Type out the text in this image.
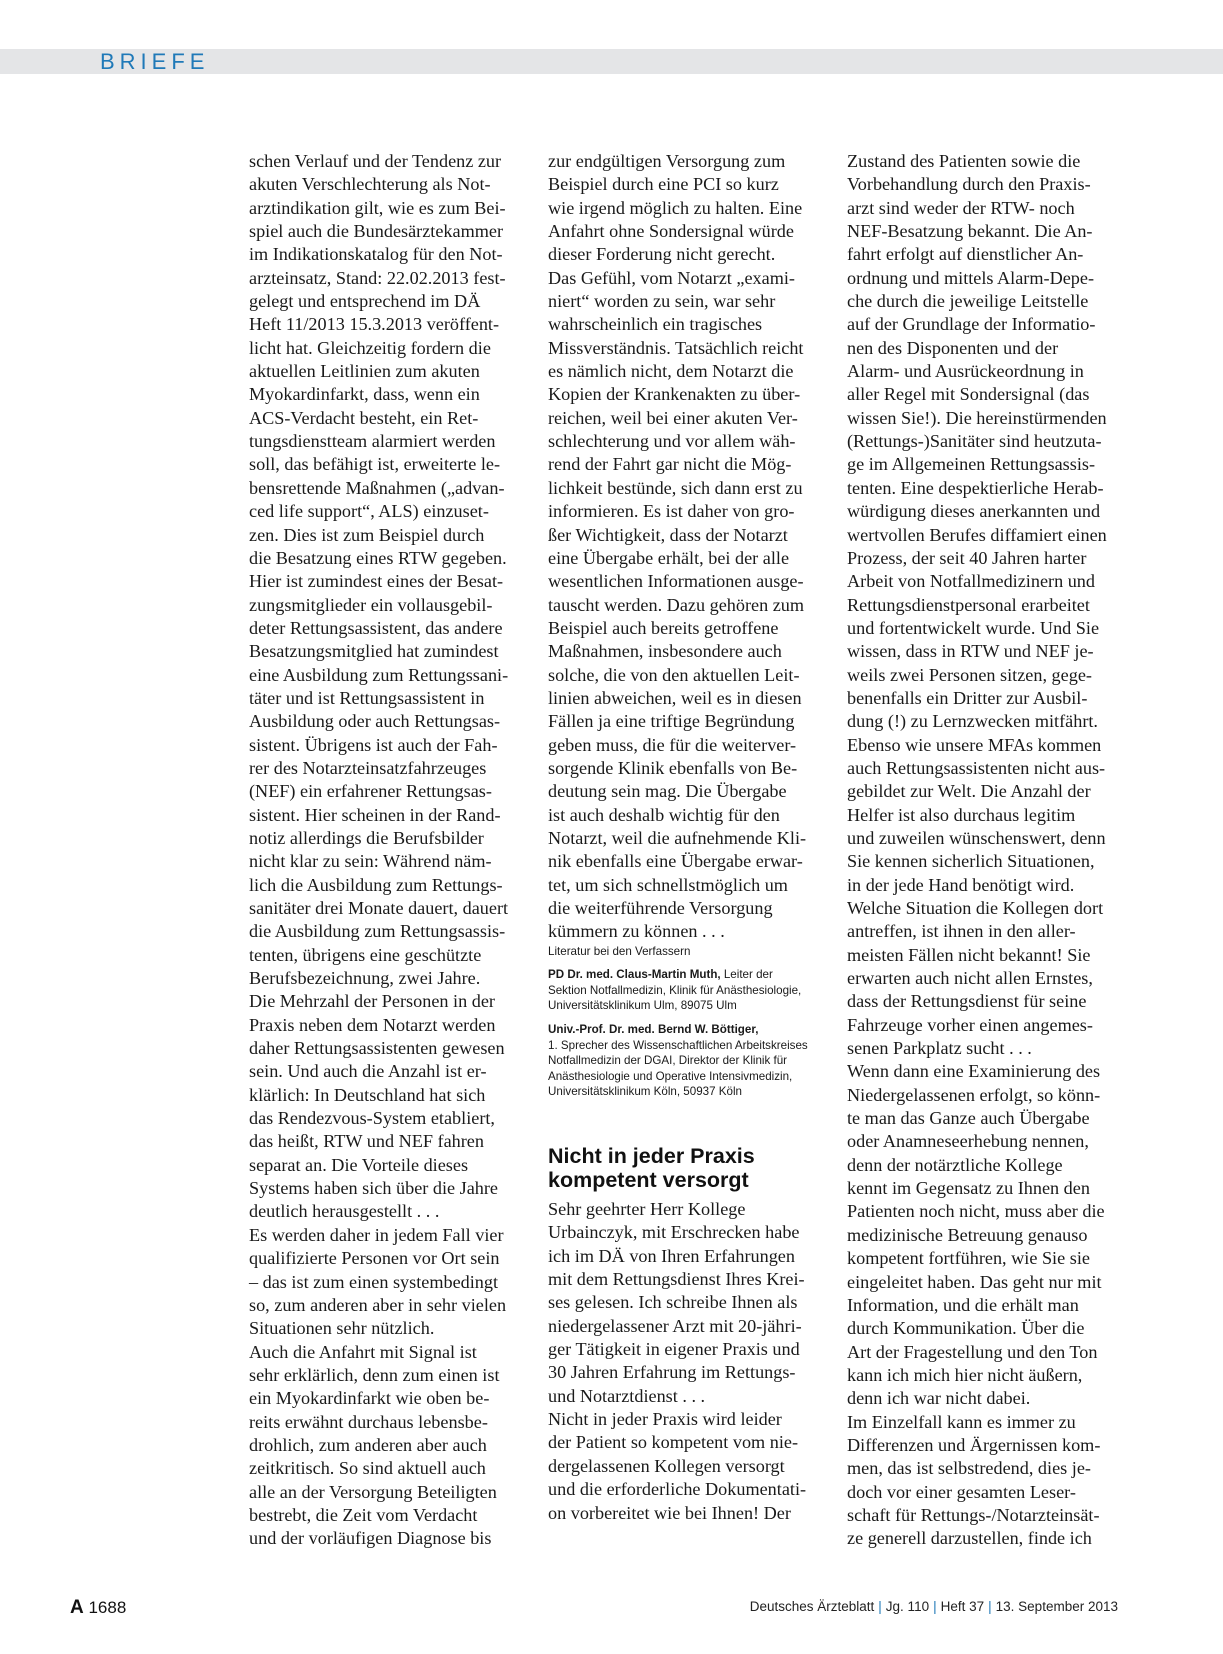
BRIEFE
schen Verlauf und der Tendenz zur
akuten Verschlechterung als Not-
arztindikation gilt, wie es zum Bei-
spiel auch die Bundesärztekammer
im Indikationskatalog für den Not-
arzteinsatz, Stand: 22.02.2013 fest-
gelegt und entsprechend im DÄ
Heft 11/2013 15.3.2013 veröffent-
licht hat. Gleichzeitig fordern die
aktuellen Leitlinien zum akuten
Myokardinfarkt, dass, wenn ein
ACS-Verdacht besteht, ein Ret-
tungsdienstteam alarmiert werden
soll, das befähigt ist, erweiterte le-
bensrettende Maßnahmen („advan-
ced life support“, ALS) einzuset-
zen. Dies ist zum Beispiel durch
die Besatzung eines RTW gegeben.
Hier ist zumindest eines der Besat-
zungsmitglieder ein vollausgebil-
deter Rettungsassistent, das andere
Besatzungsmitglied hat zumindest
eine Ausbildung zum Rettungssani-
täter und ist Rettungsassistent in
Ausbildung oder auch Rettungsas-
sistent. Übrigens ist auch der Fah-
rer des Notarzteinsatzfahrzeuges
(NEF) ein erfahrener Rettungsas-
sistent. Hier scheinen in der Rand-
notiz allerdings die Berufsbilder
nicht klar zu sein: Während näm-
lich die Ausbildung zum Rettungs-
sanitäter drei Monate dauert, dauert
die Ausbildung zum Rettungsassis-
tenten, übrigens eine geschützte
Berufsbezeichnung, zwei Jahre.
Die Mehrzahl der Personen in der
Praxis neben dem Notarzt werden
daher Rettungsassistenten gewesen
sein. Und auch die Anzahl ist er-
klärlich: In Deutschland hat sich
das Rendezvous-System etabliert,
das heißt, RTW und NEF fahren
separat an. Die Vorteile dieses
Systems haben sich über die Jahre
deutlich herausgestellt . . .
Es werden daher in jedem Fall vier
qualifizierte Personen vor Ort sein
– das ist zum einen systembedingt
so, zum anderen aber in sehr vielen
Situationen sehr nützlich.
Auch die Anfahrt mit Signal ist
sehr erklärlich, denn zum einen ist
ein Myokardinfarkt wie oben be-
reits erwähnt durchaus lebensbe-
drohlich, zum anderen aber auch
zeitkritisch. So sind aktuell auch
alle an der Versorgung Beteiligten
bestrebt, die Zeit vom Verdacht
und der vorläufigen Diagnose bis
zur endgültigen Versorgung zum
Beispiel durch eine PCI so kurz
wie irgend möglich zu halten. Eine
Anfahrt ohne Sondersignal würde
dieser Forderung nicht gerecht.
Das Gefühl, vom Notarzt „exami-
niert“ worden zu sein, war sehr
wahrscheinlich ein tragisches
Missverständnis. Tatsächlich reicht
es nämlich nicht, dem Notarzt die
Kopien der Krankenakten zu über-
reichen, weil bei einer akuten Ver-
schlechterung und vor allem wäh-
rend der Fahrt gar nicht die Mög-
lichkeit bestünde, sich dann erst zu
informieren. Es ist daher von gro-
ßer Wichtigkeit, dass der Notarzt
eine Übergabe erhält, bei der alle
wesentlichen Informationen ausge-
tauscht werden. Dazu gehören zum
Beispiel auch bereits getroffene
Maßnahmen, insbesondere auch
solche, die von den aktuellen Leit-
linien abweichen, weil es in diesen
Fällen ja eine triftige Begründung
geben muss, die für die weiterver-
sorgende Klinik ebenfalls von Be-
deutung sein mag. Die Übergabe
ist auch deshalb wichtig für den
Notarzt, weil die aufnehmende Kli-
nik ebenfalls eine Übergabe erwar-
tet, um sich schnellstmöglich um
die weiterführende Versorgung
kümmern zu können . . .
Literatur bei den Verfassern
PD Dr. med. Claus-Martin Muth, Leiter der
Sektion Notfallmedizin, Klinik für Anästhesiologie,
Universitätsklinikum Ulm, 89075 Ulm
Univ.-Prof. Dr. med. Bernd W. Böttiger,
1. Sprecher des Wissenschaftlichen Arbeitskreises
Notfallmedizin der DGAI, Direktor der Klinik für
Anästhesiologie und Operative Intensivmedizin,
Universitätsklinikum Köln, 50937 Köln
Nicht in jeder Praxis
kompetent versorgt
Sehr geehrter Herr Kollege
Urbainczyk, mit Erschrecken habe
ich im DÄ von Ihren Erfahrungen
mit dem Rettungsdienst Ihres Krei-
ses gelesen. Ich schreibe Ihnen als
niedergelassener Arzt mit 20-jähri-
ger Tätigkeit in eigener Praxis und
30 Jahren Erfahrung im Rettungs-
und Notarztdienst . . .
Nicht in jeder Praxis wird leider
der Patient so kompetent vom nie-
dergelassenen Kollegen versorgt
und die erforderliche Dokumentati-
on vorbereitet wie bei Ihnen! Der
Zustand des Patienten sowie die
Vorbehandlung durch den Praxis-
arzt sind weder der RTW- noch
NEF-Besatzung bekannt. Die An-
fahrt erfolgt auf dienstlicher An-
ordnung und mittels Alarm-Depe-
che durch die jeweilige Leitstelle
auf der Grundlage der Informatio-
nen des Disponenten und der
Alarm- und Ausrückeordnung in
aller Regel mit Sondersignal (das
wissen Sie!). Die hereinstürmenden
(Rettungs-)Sanitäter sind heutzuta-
ge im Allgemeinen Rettungsassis-
tenten. Eine despektierliche Herab-
würdigung dieses anerkannten und
wertvollen Berufes diffamiert einen
Prozess, der seit 40 Jahren harter
Arbeit von Notfallmedizinern und
Rettungsdienstpersonal erarbeitet
und fortentwickelt wurde. Und Sie
wissen, dass in RTW und NEF je-
weils zwei Personen sitzen, gege-
benenfalls ein Dritter zur Ausbil-
dung (!) zu Lernzwecken mitfährt.
Ebenso wie unsere MFAs kommen
auch Rettungsassistenten nicht aus-
gebildet zur Welt. Die Anzahl der
Helfer ist also durchaus legitim
und zuweilen wünschenswert, denn
Sie kennen sicherlich Situationen,
in der jede Hand benötigt wird.
Welche Situation die Kollegen dort
antreffen, ist ihnen in den aller-
meisten Fällen nicht bekannt! Sie
erwarten auch nicht allen Ernstes,
dass der Rettungsdienst für seine
Fahrzeuge vorher einen angemes-
senen Parkplatz sucht . . .
Wenn dann eine Examinierung des
Niedergelassenen erfolgt, so könn-
te man das Ganze auch Übergabe
oder Anamneseerhebung nennen,
denn der notärztliche Kollege
kennt im Gegensatz zu Ihnen den
Patienten noch nicht, muss aber die
medizinische Betreuung genauso
kompetent fortführen, wie Sie sie
eingeleitet haben. Das geht nur mit
Information, und die erhält man
durch Kommunikation. Über die
Art der Fragestellung und den Ton
kann ich mich hier nicht äußern,
denn ich war nicht dabei.
Im Einzelfall kann es immer zu
Differenzen und Ärgernissen kom-
men, das ist selbstredend, dies je-
doch vor einer gesamten Leser-
schaft für Rettungs-/Notarzteinsät-
ze generell darzustellen, finde ich
A 1688	Deutsches Ärzteblatt | Jg. 110 | Heft 37 | 13. September 2013
